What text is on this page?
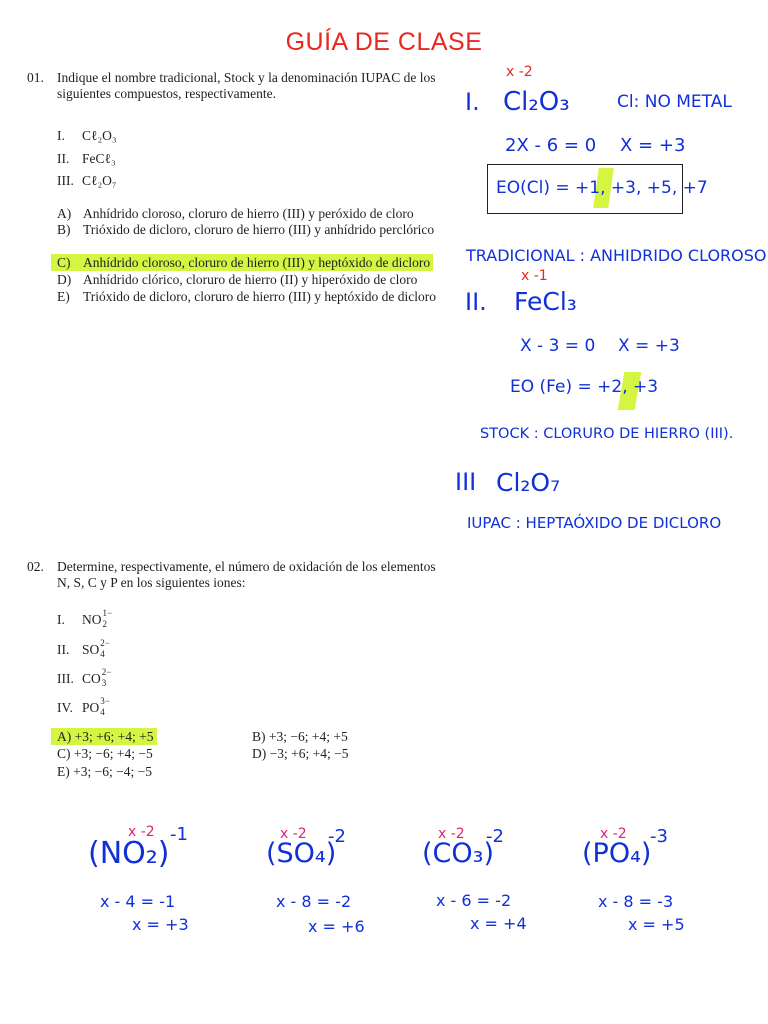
GUÍA DE CLASE
01. Indique el nombre tradicional, Stock y la denominación IUPAC de los siguientes compuestos, respectivamente.
I. Cℓ₂O₃
II. FeCℓ₃
III. Cℓ₂O₇
A) Anhídrido cloroso, cloruro de hierro (III) y peróxido de cloro
B) Trióxido de dicloro, cloruro de hierro (III) y anhídrido perclórico
C) Anhídrido cloroso, cloruro de hierro (III) y heptóxido de dicloro
D) Anhídrido clórico, cloruro de hierro (II) y hiperóxido de cloro
E) Trióxido de dicloro, cloruro de hierro (III) y heptóxido de dicloro
x -2
I. Cl₂O₃	Cl: NO METAL
2X - 6 = 0 X = +3
EO(Cl) = +1, +3, +5, +7
TRADICIONAL : ANHIDRIDO CLOROSO
x -1
II. FeCl₃
X - 3 = 0 X = +3
EO (Fe) = +2, +3
STOCK : CLORURO DE HIERRO (III).
III Cl₂O₇
IUPAC : HEPTAÓXIDO DE DICLORO
02. Determine, respectivamente, el número de oxidación de los elementos N, S, C y P en los siguientes iones:
I. NO 1−
2
II. SO 2−
4
III. CO 2−
3
IV. PO 3−
4
A) +3; +6; +4; +5	B) +3; −6; +4; +5
C) +3; −6; +4; −5	D) −3; +6; +4; −5
E) +3; −6; −4; −5
x -2
(NO₂)
-1
x - 4 = -1
x = +3
x -2
(SO₄)
-2
x - 8 = -2
x = +6
x -2
(CO₃)
-2
x - 6 = -2
x = +4
x -2
(PO₄)
-3
x - 8 = -3
x = +5
